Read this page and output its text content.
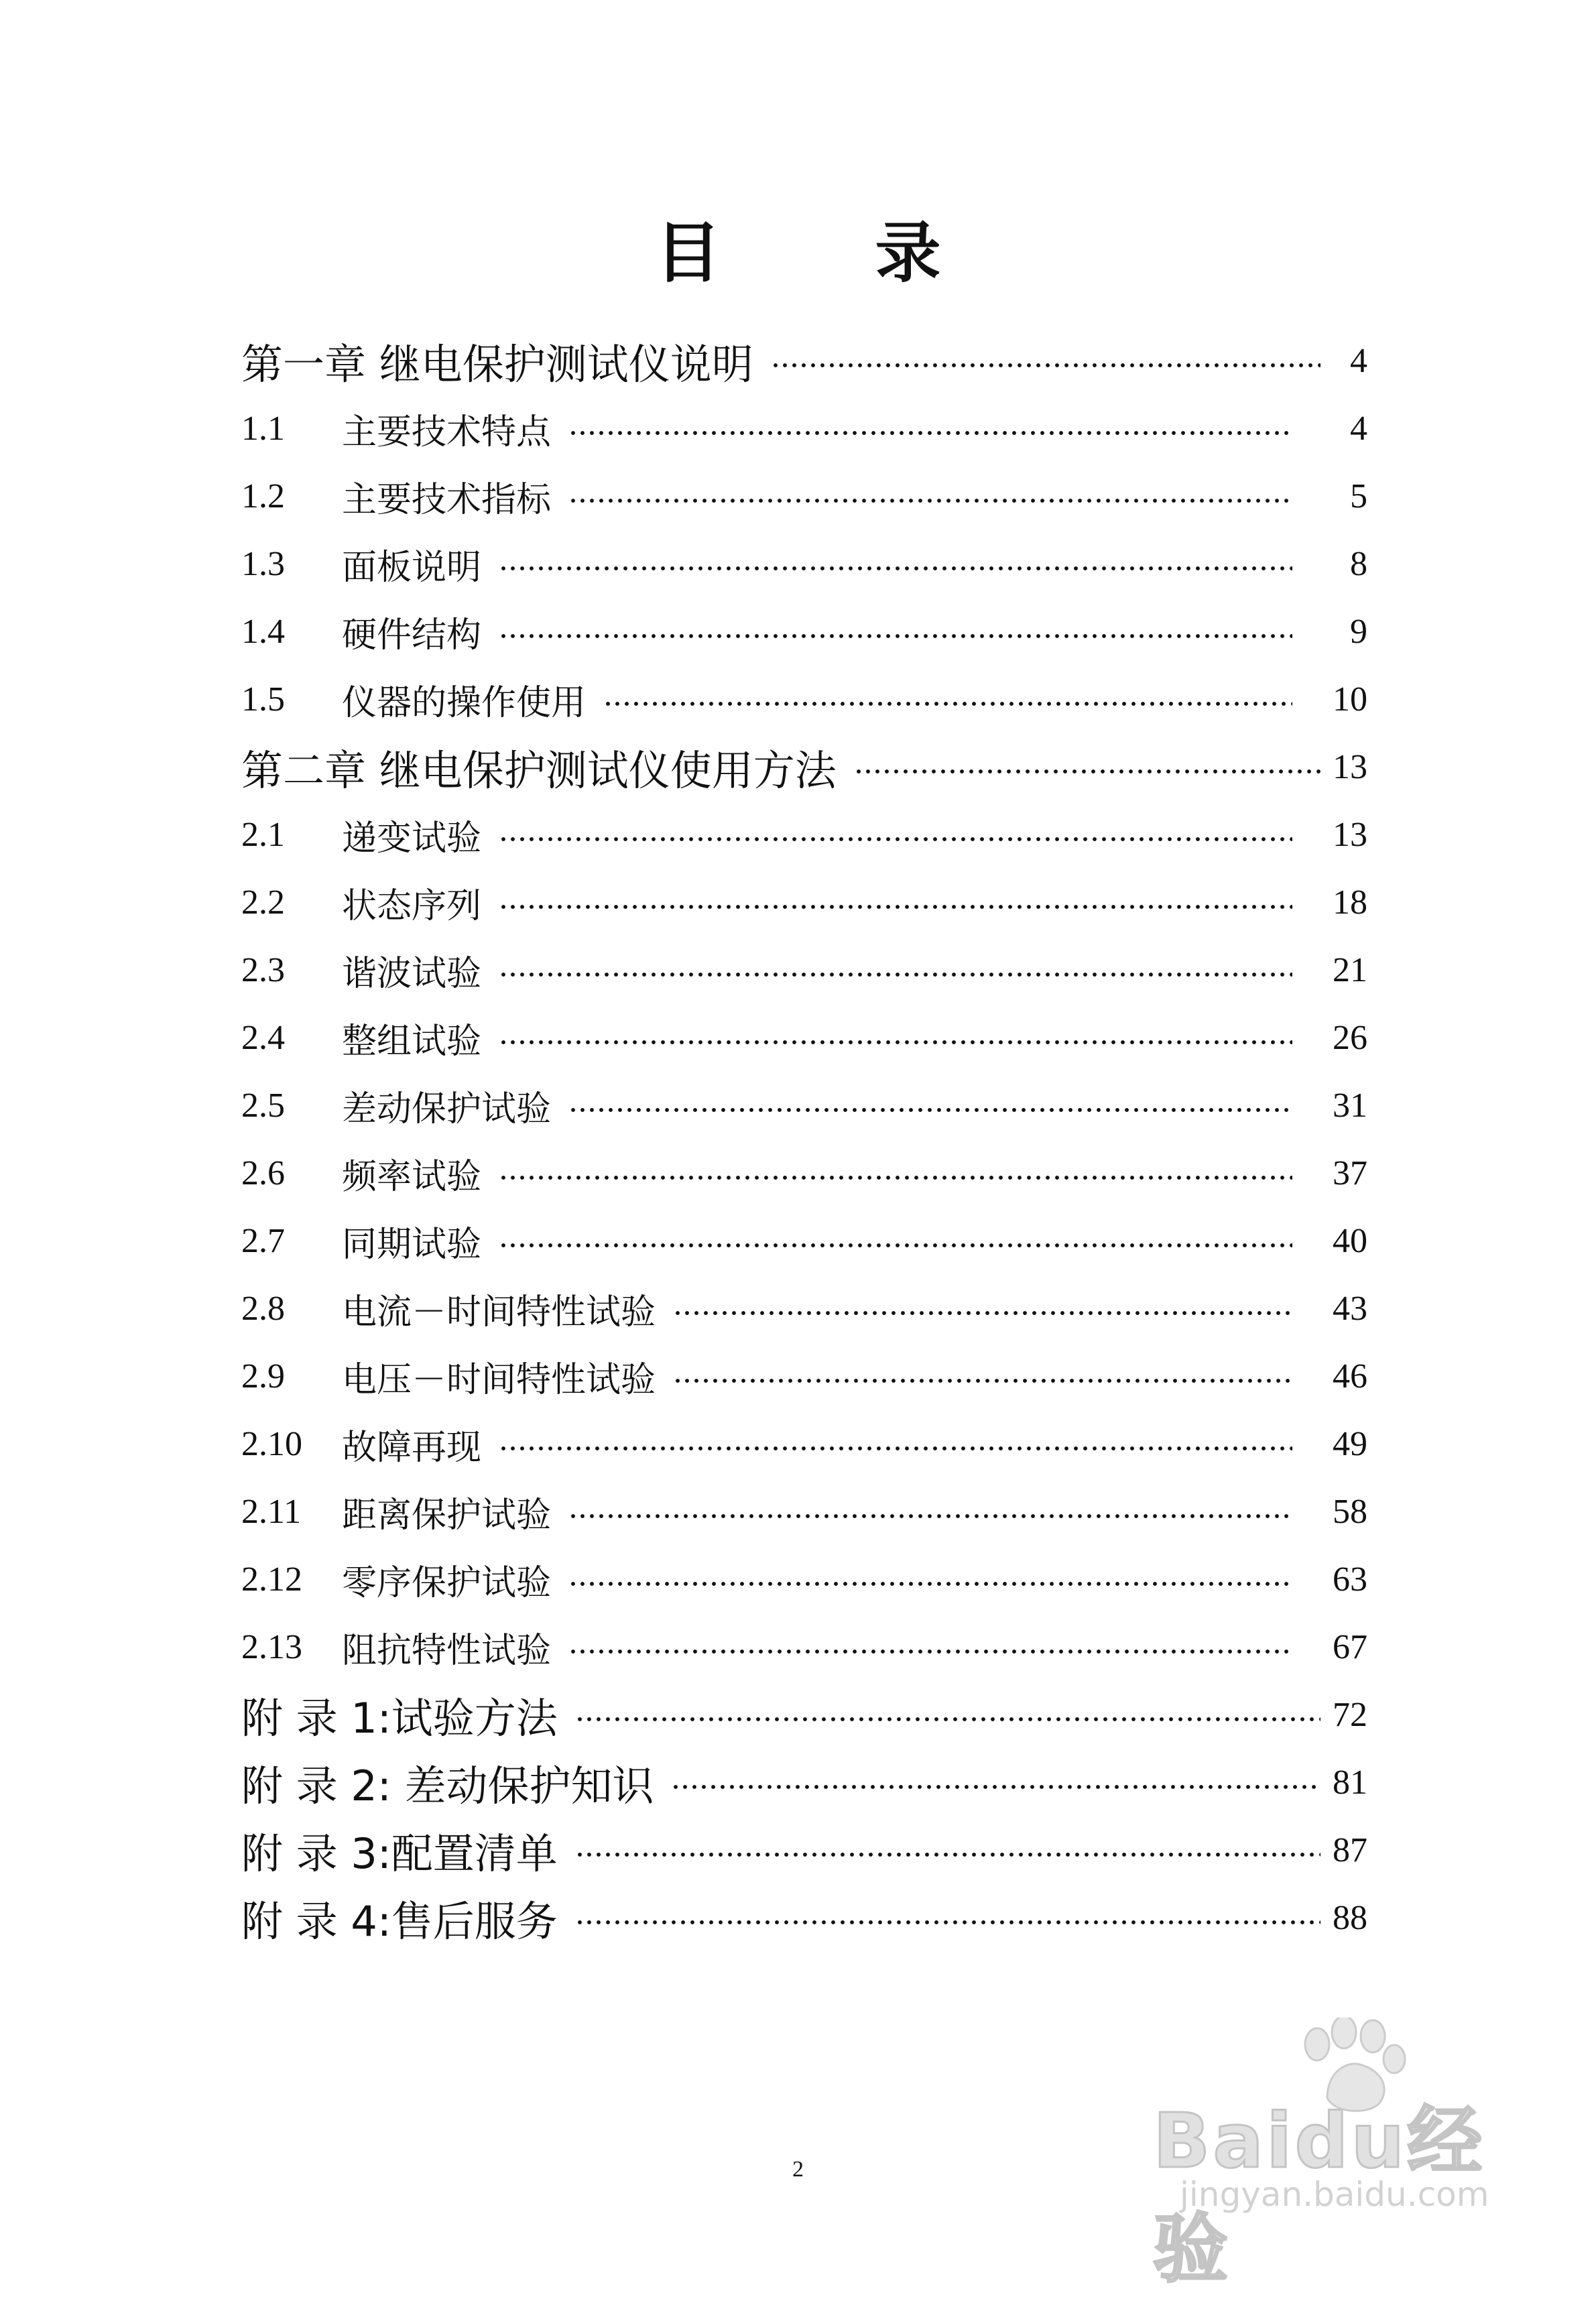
目 录
第一章 继电保护测试仪说明	4
1.1	主要技术特点	4
1.2	主要技术指标	5
1.3	面板说明	8
1.4	硬件结构	9
1.5	仪器的操作使用	10
第二章 继电保护测试仪使用方法	13
2.1	递变试验	13
2.2	状态序列	18
2.3	谐波试验	21
2.4	整组试验	26
2.5	差动保护试验	31
2.6	频率试验	37
2.7	同期试验	40
2.8	电流－时间特性试验	43
2.9	电压－时间特性试验	46
2.10	故障再现	49
2.11	距离保护试验	58
2.12	零序保护试验	63
2.13	阻抗特性试验	67
附 录 1:试验方法	72
附 录 2: 差动保护知识	81
附 录 3:配置清单	87
附 录 4:售后服务	88
2	Baidu经验
jingyan.baidu.com
